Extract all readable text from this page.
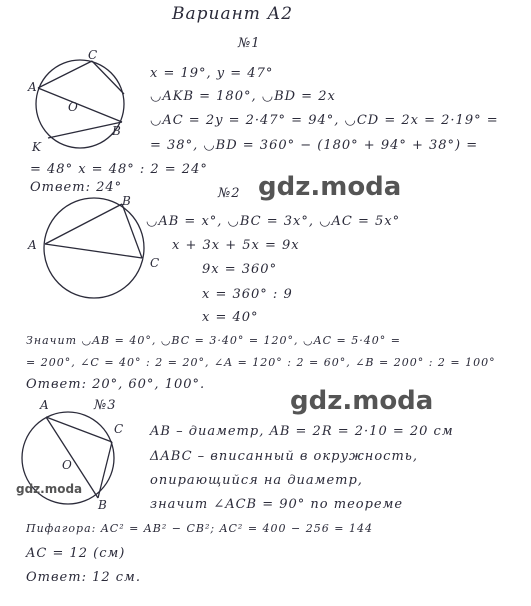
Вариант А2
№1
A
C
O
K
B
x = 19°, y = 47°
◡AKB = 180°, ◡BD = 2x
◡AC = 2y = 2·47° = 94°, ◡CD = 2x = 2·19° =
= 38°, ◡BD = 360° − (180° + 94° + 38°) =
= 48° x = 48° : 2 = 24°
Ответ: 24°	gdz.moda
№2
A
B
C
◡AB = x°, ◡BC = 3x°, ◡AC = 5x°
x + 3x + 5x = 9x
9x = 360°
x = 360° : 9
x = 40°
Значит ◡AB = 40°, ◡BC = 3·40° = 120°, ◡AC = 5·40° =
= 200°, ∠C = 40° : 2 = 20°, ∠A = 120° : 2 = 60°, ∠B = 200° : 2 = 100°
Ответ: 20°, 60°, 100°.
gdz.moda
№3
A
C
O
B
AB – диаметр, AB = 2R = 2·10 = 20 см
ΔABC – вписанный в окружность,
опирающийся на диаметр,
значит ∠ACB = 90° по теореме
Пифагора: AC² = AB² − CB²; AC² = 400 − 256 = 144
AC = 12 (см)
Ответ: 12 см.
gdz.moda
